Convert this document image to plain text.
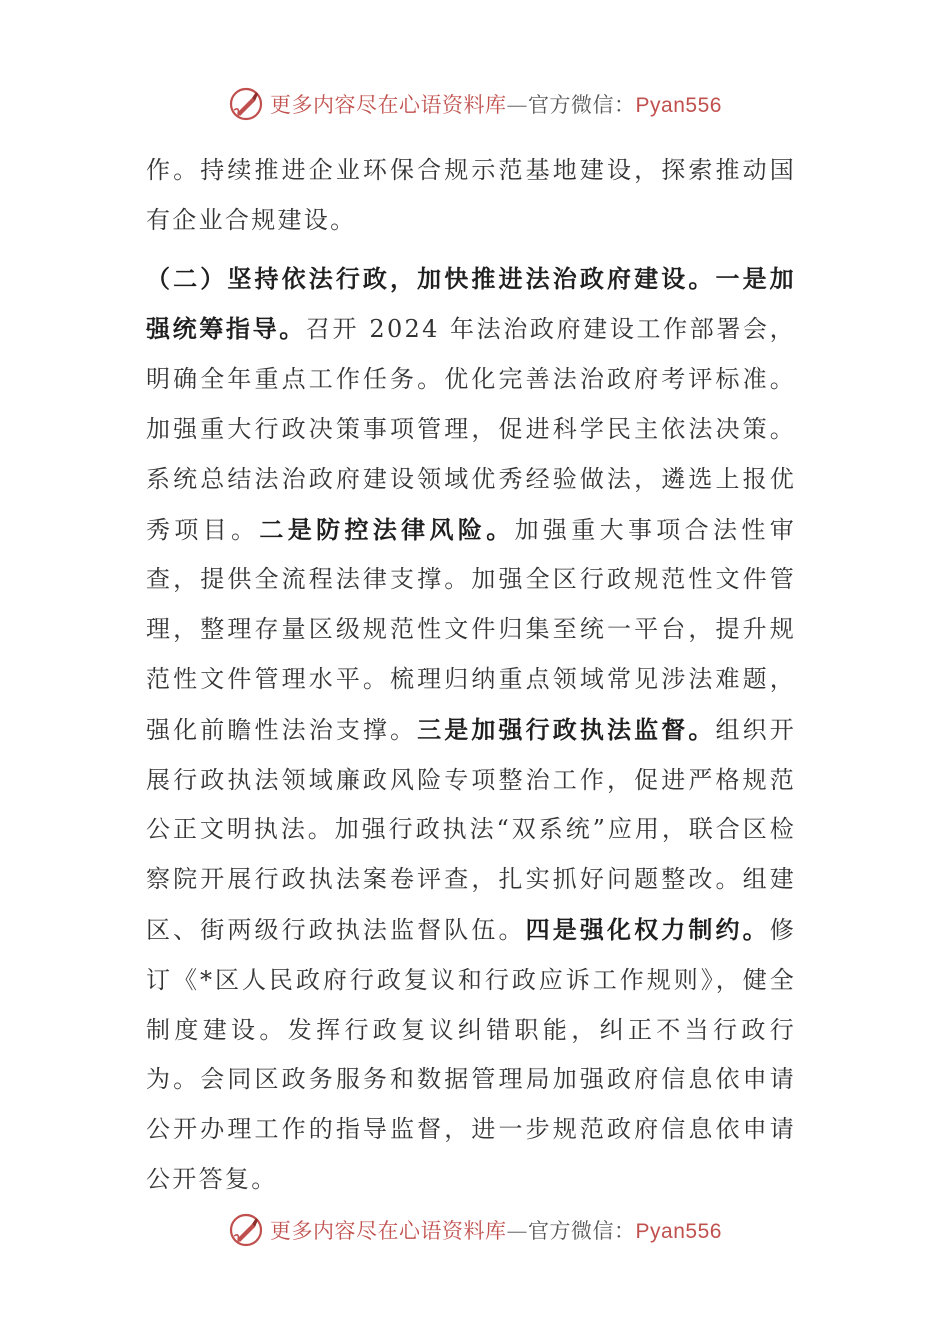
更多内容尽在心语资料库—官方微信：Pyan556

作。持续推进企业环保合规示范基地建设，探索推动国有企业合规建设。

（二）坚持依法行政，加快推进法治政府建设。一是加强统筹指导。召开 2024 年法治政府建设工作部署会，明确全年重点工作任务。优化完善法治政府考评标准。加强重大行政决策事项管理，促进科学民主依法决策。系统总结法治政府建设领域优秀经验做法，遴选上报优秀项目。二是防控法律风险。加强重大事项合法性审查，提供全流程法律支撑。加强全区行政规范性文件管理，整理存量区级规范性文件归集至统一平台，提升规范性文件管理水平。梳理归纳重点领域常见涉法难题，强化前瞻性法治支撑。三是加强行政执法监督。组织开展行政执法领域廉政风险专项整治工作，促进严格规范公正文明执法。加强行政执法“双系统”应用，联合区检察院开展行政执法案卷评查，扎实抓好问题整改。组建区、街两级行政执法监督队伍。四是强化权力制约。修订《*区人民政府行政复议和行政应诉工作规则》，健全制度建设。发挥行政复议纠错职能，纠正不当行政行为。会同区政务服务和数据管理局加强政府信息依申请公开办理工作的指导监督，进一步规范政府信息依申请公开答复。

更多内容尽在心语资料库—官方微信：Pyan556
